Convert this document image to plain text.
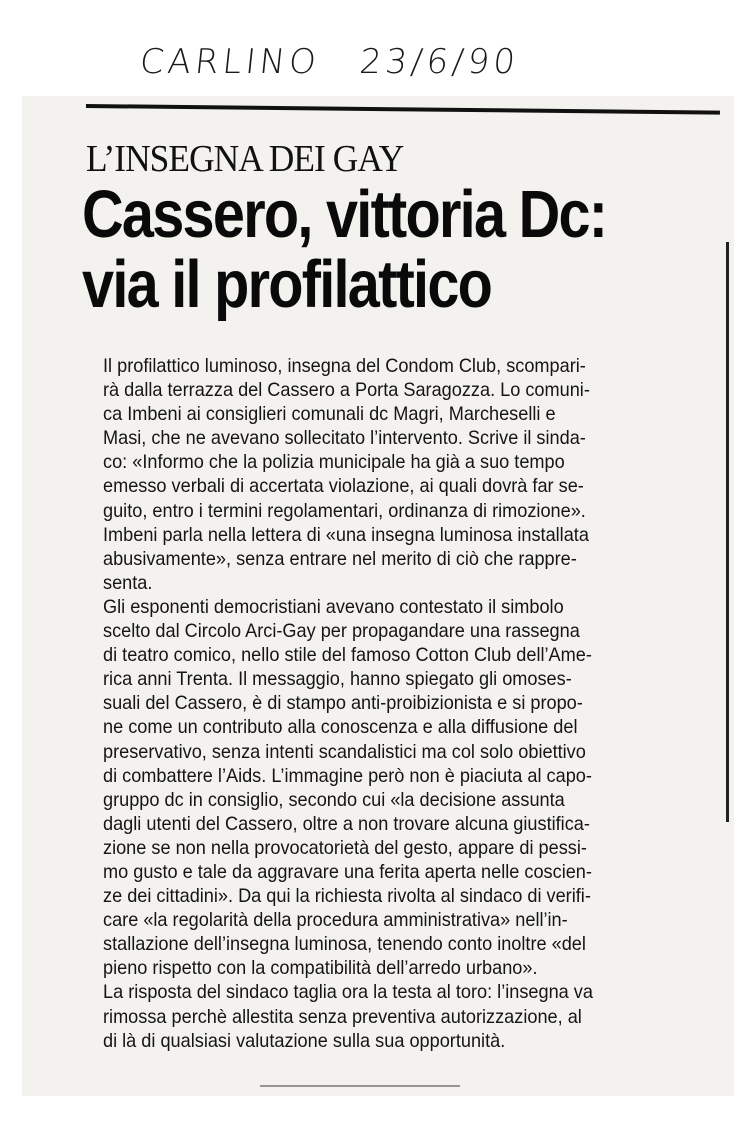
CARLINO 23/6/90
L’INSEGNA DEI GAY
Cassero, vittoria Dc:
via il profilattico
Il profilattico luminoso, insegna del Condom Club, scompari-
rà dalla terrazza del Cassero a Porta Saragozza. Lo comuni-
ca Imbeni ai consiglieri comunali dc Magri, Marcheselli e
Masi, che ne avevano sollecitato l’intervento. Scrive il sinda-
co: «Informo che la polizia municipale ha già a suo tempo
emesso verbali di accertata violazione, ai quali dovrà far se-
guito, entro i termini regolamentari, ordinanza di rimozione».
Imbeni parla nella lettera di «una insegna luminosa installata
abusivamente», senza entrare nel merito di ciò che rappre-
senta.
Gli esponenti democristiani avevano contestato il simbolo
scelto dal Circolo Arci-Gay per propagandare una rassegna
di teatro comico, nello stile del famoso Cotton Club dell’Ame-
rica anni Trenta. Il messaggio, hanno spiegato gli omoses-
suali del Cassero, è di stampo anti-proibizionista e si propo-
ne come un contributo alla conoscenza e alla diffusione del
preservativo, senza intenti scandalistici ma col solo obiettivo
di combattere l’Aids. L’immagine però non è piaciuta al capo-
gruppo dc in consiglio, secondo cui «la decisione assunta
dagli utenti del Cassero, oltre a non trovare alcuna giustifica-
zione se non nella provocatorietà del gesto, appare di pessi-
mo gusto e tale da aggravare una ferita aperta nelle coscien-
ze dei cittadini». Da qui la richiesta rivolta al sindaco di verifi-
care «la regolarità della procedura amministrativa» nell’in-
stallazione dell’insegna luminosa, tenendo conto inoltre «del
pieno rispetto con la compatibilità dell’arredo urbano».
La risposta del sindaco taglia ora la testa al toro: l’insegna va
rimossa perchè allestita senza preventiva autorizzazione, al
di là di qualsiasi valutazione sulla sua opportunità.
